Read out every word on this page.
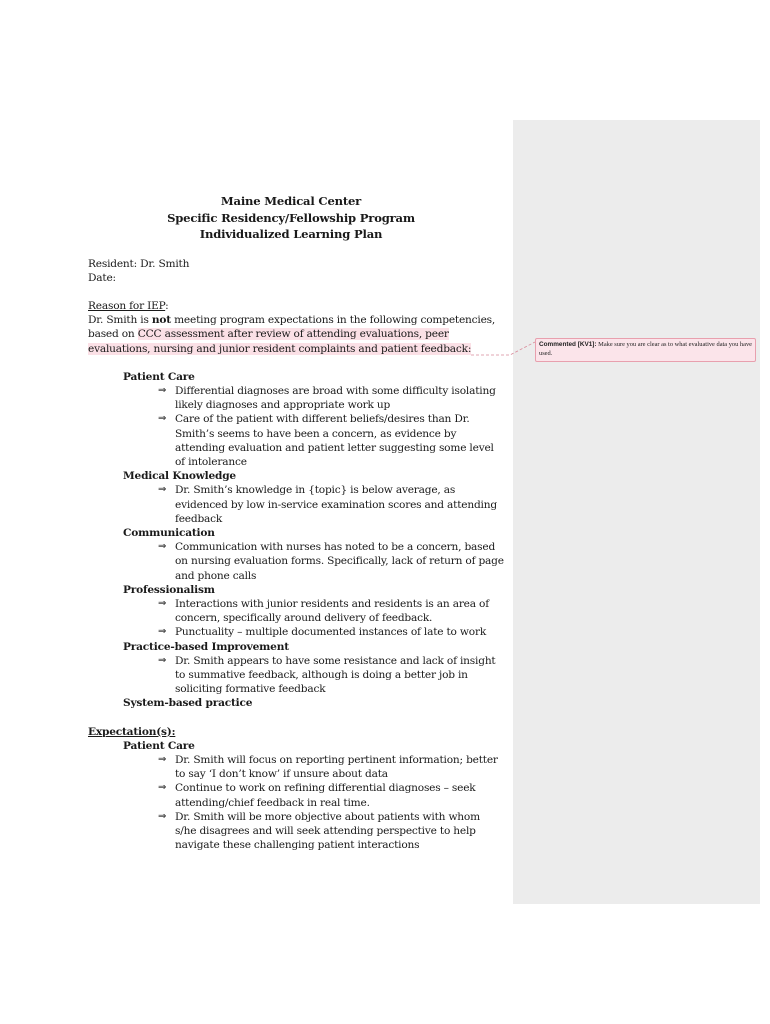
Maine Medical Center

Specific Residency/Fellowship Program

Individualized Learning Plan

Resident: Dr. Smith

Date:

Reason for IEP:

Dr. Smith is not meeting program expectations in the following competencies, based on CCC assessment after review of attending evaluations, peer evaluations, nursing and junior resident complaints and patient feedback:

Patient Care

⇒ Differential diagnoses are broad with some difficulty isolating likely diagnoses and appropriate work up
⇒ Care of the patient with different beliefs/desires than Dr. Smith’s seems to have been a concern, as evidence by attending evaluation and patient letter suggesting some level of intolerance

Medical Knowledge

⇒ Dr. Smith’s knowledge in {topic} is below average, as evidenced by low in-service examination scores and attending feedback

Communication

⇒ Communication with nurses has noted to be a concern, based on nursing evaluation forms. Specifically, lack of return of page and phone calls

Professionalism

⇒ Interactions with junior residents and residents is an area of concern, specifically around delivery of feedback.
⇒ Punctuality – multiple documented instances of late to work

Practice-based Improvement

⇒ Dr. Smith appears to have some resistance and lack of insight to summative feedback, although is doing a better job in soliciting formative feedback

System-based practice

Expectation(s):

Patient Care

⇒ Dr. Smith will focus on reporting pertinent information; better to say ‘I don’t know’ if unsure about data
⇒ Continue to work on refining differential diagnoses – seek attending/chief feedback in real time.
⇒ Dr. Smith will be more objective about patients with whom s/he disagrees and will seek attending perspective to help navigate these challenging patient interactions
Commented [KV1]: Make sure you are clear as to what evaluative data you have used.
